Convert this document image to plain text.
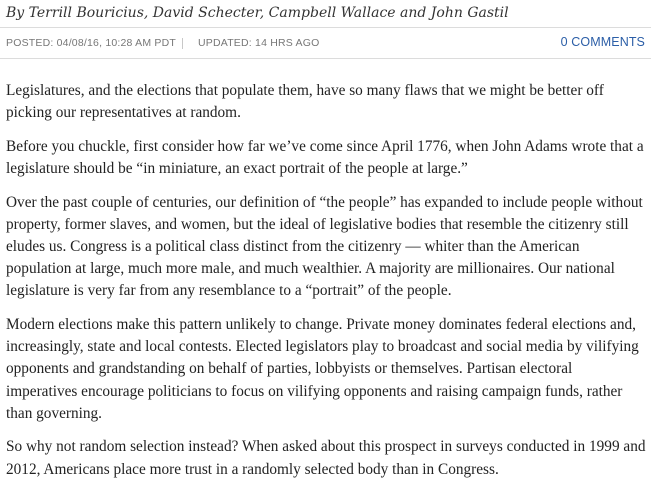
By Terrill Bouricius, David Schecter, Campbell Wallace and John Gastil
POSTED: 04/08/16, 10:28 AM PDT UPDATED: 14 HRS AGO	0 COMMENTS

Legislatures, and the elections that populate them, have so many flaws that we might be better off picking our representatives at random.

Before you chuckle, first consider how far we’ve come since April 1776, when John Adams wrote that a legislature should be “in miniature, an exact portrait of the people at large.”

Over the past couple of centuries, our definition of “the people” has expanded to include people without property, former slaves, and women, but the ideal of legislative bodies that resemble the citizenry still eludes us. Congress is a political class distinct from the citizenry — whiter than the American population at large, much more male, and much wealthier. A majority are millionaires. Our national legislature is very far from any resemblance to a “portrait” of the people.

Modern elections make this pattern unlikely to change. Private money dominates federal elections and, increasingly, state and local contests. Elected legislators play to broadcast and social media by vilifying opponents and grandstanding on behalf of parties, lobbyists or themselves. Partisan electoral imperatives encourage politicians to focus on vilifying opponents and raising campaign funds, rather than governing.

So why not random selection instead? When asked about this prospect in surveys conducted in 1999 and 2012, Americans place more trust in a randomly selected body than in Congress.
